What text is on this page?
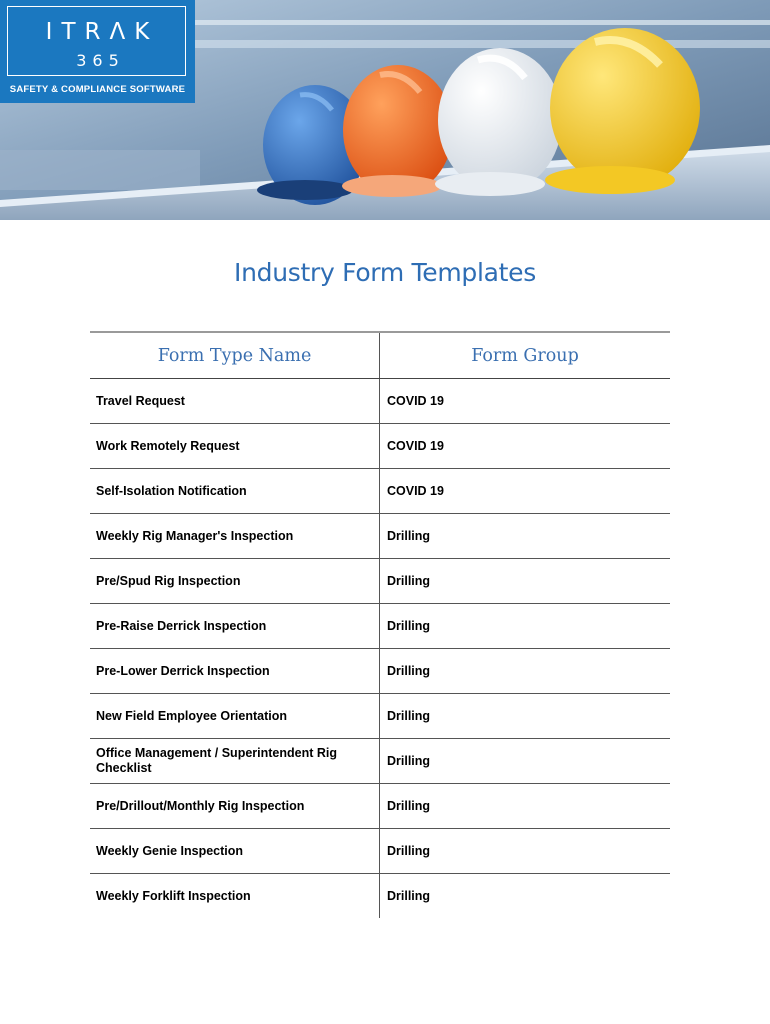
ITRΛK
365
SAFETY & COMPLIANCE SOFTWARE
Industry Form Templates
Form Type Name	Form Group
Travel Request	COVID 19
Work Remotely Request	COVID 19
Self-Isolation Notification	COVID 19
Weekly Rig Manager's Inspection	Drilling
Pre/Spud Rig Inspection	Drilling
Pre-Raise Derrick Inspection	Drilling
Pre-Lower Derrick Inspection	Drilling
New Field Employee Orientation	Drilling
Office Management / Superintendent Rig Checklist	Drilling
Pre/Drillout/Monthly Rig Inspection	Drilling
Weekly Genie Inspection	Drilling
Weekly Forklift Inspection	Drilling
